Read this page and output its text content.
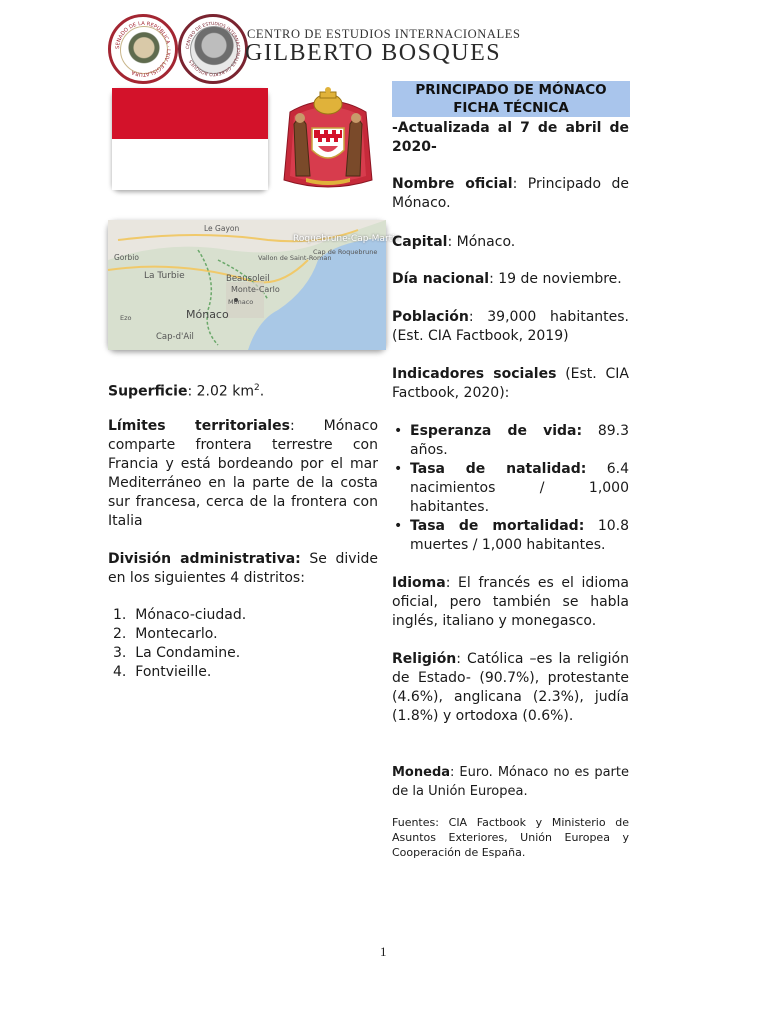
SENADO DE LA REPÚBLICA · LXIV LEGISLATURA
CENTRO DE ESTUDIOS INTERNACIONALES GILBERTO BOSQUES
CENTRO DE ESTUDIOS INTERNACIONALES
GILBERTO BOSQUES
Le Gayon
Roquebrune-Cap-Martin
Gorbio	Vallon de Saint-Roman
Cap de Roquebrune
La Turbie	Beausoleil
Monte-Carlo
Mónaco
Mónaco
Cap-d'Ail
Ezo
PRINCIPADO DE MÓNACO
FICHA TÉCNICA
-Actualizada al 7 de abril de 2020-
Nombre oficial: Principado de Mónaco.
Capital: Mónaco.
Día nacional: 19 de noviembre.
Población: 39,000 habitantes. (Est. CIA Factbook, 2019)
Indicadores sociales (Est. CIA Factbook, 2020):
• Esperanza de vida: 89.3 años.
• Tasa de natalidad: 6.4 nacimientos / 1,000 habitantes.
• Tasa de mortalidad: 10.8 muertes / 1,000 habitantes.
Idioma: El francés es el idioma oficial, pero también se habla inglés, italiano y monegasco.
Religión: Católica –es la religión de Estado- (90.7%), protestante (4.6%), anglicana (2.3%), judía (1.8%) y ortodoxa (0.6%).
Moneda: Euro. Mónaco no es parte de la Unión Europea.
Fuentes: CIA Factbook y Ministerio de Asuntos Exteriores, Unión Europea y Cooperación de España.
Superficie: 2.02 $km^2$.
Límites territoriales: Mónaco comparte frontera terrestre con Francia y está bordeando por el mar Mediterráneo en la parte de la costa sur francesa, cerca de la frontera con Italia
División administrativa: Se divide en los siguientes 4 distritos:
1.  Mónaco-ciudad.
2.  Montecarlo.
3.  La Condamine.
4.  Fontvieille.
1
